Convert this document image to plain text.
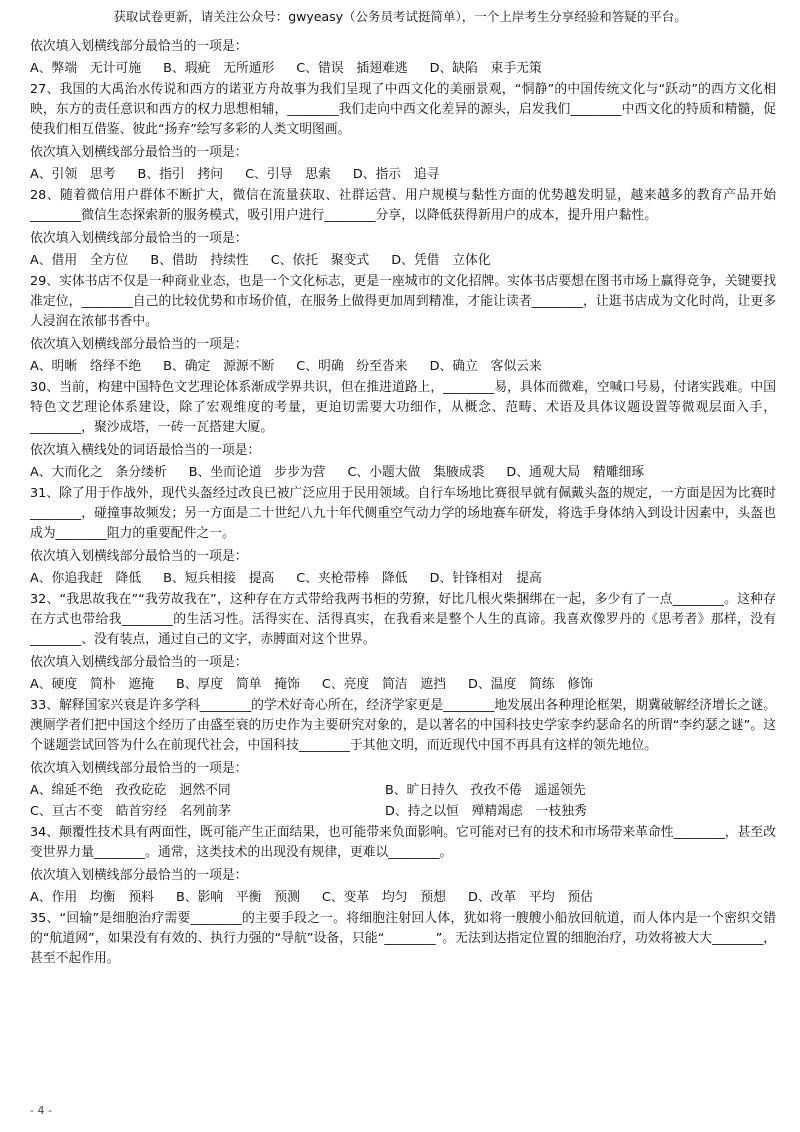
获取试卷更新，请关注公众号：gwyeasy（公务员考试挺简单），一个上岸考生分享经验和答疑的平台。
依次填入划横线部分最恰当的一项是：
A、弊端　无计可施 B、瑕疵　无所遁形 C、错误　插翅难逃 D、缺陷　束手无策

27、我国的大禹治水传说和西方的诺亚方舟故事为我们呈现了中西文化的美丽景观，“恫静”的中国传统文化与“跃动”的西方文化相映，东方的责任意识和西方的权力思想相辅，________我们走向中西文化差异的源头，启发我们________中西文化的特质和精髓，促使我们相互借鉴、彼此“扬弃”绘写多彩的人类文明图画。

依次填入划横线部分最恰当的一项是：
A、引领　思考 B、指引　拷问 C、引导　思索 D、指示　追寻

28、随着微信用户群体不断扩大，微信在流量获取、社群运营、用户规模与黏性方面的优势越发明显，越来越多的教育产品开始________微信生态探索新的服务模式，吸引用户进行________分享，以降低获得新用户的成本，提升用户黏性。

依次填入划横线部分最恰当的一项是：
A、借用　全方位 B、借助　持续性 C、依托　聚变式 D、凭借　立体化

29、实体书店不仅是一种商业业态，也是一个文化标志，更是一座城市的文化招牌。实体书店要想在图书市场上赢得竞争，关键要找准定位，________自己的比较优势和市场价值，在服务上做得更加周到精准，才能让读者________，让逛书店成为文化时尚，让更多人浸润在浓郁书香中。

依次填入划横线部分最恰当的一项是：
A、明晰　络绎不绝 B、确定　源源不断 C、明确　纷至沓来 D、确立　客似云来

30、当前，构建中国特色文艺理论体系渐成学界共识，但在推进道路上，________易，具体而微难，空喊口号易，付诸实践难。中国特色文艺理论体系建设，除了宏观维度的考量，更迫切需要大功细作，从概念、范畴、术语及具体议题设置等微观层面入手，________，聚沙成塔，一砖一瓦搭建大厦。

依次填入横线处的词语最恰当的一项是：
A、大而化之　条分缕析 B、坐而论道　步步为营 C、小题大做　集腋成裘 D、通观大局　精雕细琢

31、除了用于作战外，现代头盔经过改良已被广泛应用于民用领域。自行车场地比赛很早就有佩戴头盔的规定，一方面是因为比赛时________，碰撞事故频发；另一方面是二十世纪八九十年代侧重空气动力学的场地赛车研发，将选手身体纳入到设计因素中，头盔也成为________阻力的重要配件之一。

依次填入划横线部分最恰当的一项是：
A、你追我赶　降低 B、短兵相接　提高 C、夹枪带棒　降低 D、针锋相对　提高

32、“我思故我在”“我劳故我在”，这种存在方式带给我两书柜的劳獠，好比几根火柴捆绑在一起，多少有了一点________。这种存在方式也带给我________的生活习性。活得实在、活得真实，在我看来是整个人生的真谛。我喜欢像罗丹的《思考者》那样，没有________、没有装点，通过自己的文字，赤膊面对这个世界。

依次填入划横线部分最恰当的一项是：
A、硬度　简朴　遮掩 B、厚度　简单　掩饰 C、亮度　简洁　遮挡 D、温度　简练　修饰

33、解释国家兴衰是许多学科________的学术好奇心所在，经济学家更是________地发展出各种理论框架，期冀破解经济增长之谜。澳厕学者们把中国这个经历了由盛至衰的历史作为主要研究对象的，是以著名的中国科技史学家李约瑟命名的所谓“李约瑟之谜”。这个谜题尝试回答为什么在前现代社会，中国科技________于其他文明，而近现代中国不再具有这样的领先地位。

依次填入划横线部分最恰当的一项是：
A、绵延不绝　孜孜矻矻　迥然不同	B、旷日持久　孜孜不倦　遥遥领先
C、亘古不变　皓首穷经　名列前茅	D、持之以恒　殚精竭虑　一枝独秀

34、颠覆性技术具有两面性，既可能产生正面结果，也可能带来负面影响。它可能对已有的技术和市场带来革命性________，甚至改变世界力量________。通常，这类技术的出现没有规律，更难以________。

依次填入划横线部分最恰当的一项是：
A、作用　均衡　预料 B、影响　平衡　预测 C、变革　均匀　预想 D、改革　平均　预估

35、“回输”是细胞治疗需要________的主要手段之一。将细胞注射回人体，犹如将一艘艘小船放回航道，而人体内是一个密织交错的“航道网”，如果没有有效的、执行力强的“导航”设备，只能“________”。无法到达指定位置的细胞治疗，功效将被大大________，甚至不起作用。

- 4 -
